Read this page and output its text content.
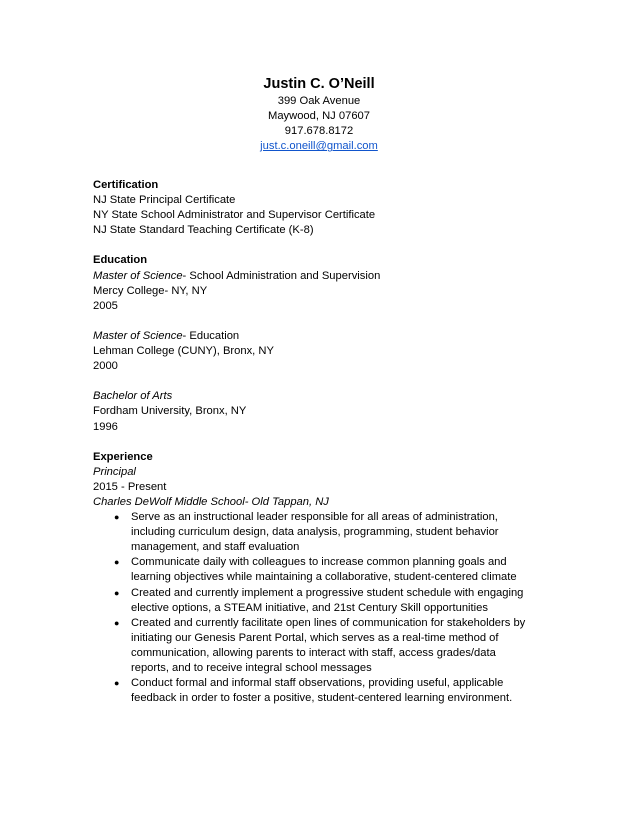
Justin C. O’Neill
399 Oak Avenue
Maywood, NJ 07607
917.678.8172
just.c.oneill@gmail.com
Certification
NJ State Principal Certificate
NY State School Administrator and Supervisor Certificate
NJ State Standard Teaching Certificate (K-8)
Education
Master of Science- School Administration and Supervision
Mercy College- NY, NY
2005
Master of Science- Education
Lehman College (CUNY), Bronx, NY
2000
Bachelor of Arts
Fordham University, Bronx, NY
1996
Experience
Principal
2015 - Present
Charles DeWolf Middle School- Old Tappan, NJ
● Serve as an instructional leader responsible for all areas of administration,
including curriculum design, data analysis, programming, student behavior
management, and staff evaluation
● Communicate daily with colleagues to increase common planning goals and
learning objectives while maintaining a collaborative, student-centered climate
● Created and currently implement a progressive student schedule with engaging
elective options, a STEAM initiative, and 21st Century Skill opportunities
● Created and currently facilitate open lines of communication for stakeholders by
initiating our Genesis Parent Portal, which serves as a real-time method of
communication, allowing parents to interact with staff, access grades/data
reports, and to receive integral school messages
● Conduct formal and informal staff observations, providing useful, applicable
feedback in order to foster a positive, student-centered learning environment.
